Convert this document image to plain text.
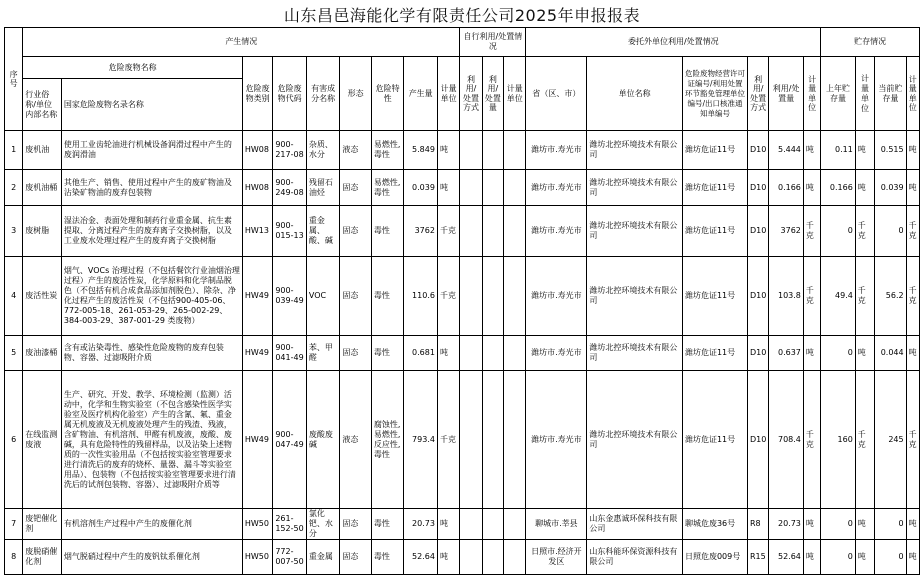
山东昌邑海能化学有限责任公司2025年申报报表
序号	产生情况									自行利用/处置情况			委托外单位利用/处置情况						贮存情况			
	危险废物名称		危险废物类别	危险废物代码	有害成分名称	形态	危险特性	产生量	计量单位	利用/处置方式	利用/处置量	计量单位	省（区、市）	单位名称	危险废物经营许可证编号/利用处置环节豁免管理单位编号/出口核准通知单编号	利用/处置方式	利用/处置量	计量单位	上年贮存量	计量单位	当前贮存量	计量单位
	行业俗称/单位内部名称	国家危险废物名录名称																				
1	废机油	使用工业齿轮油进行机械设备润滑过程中产生的废润滑油	HW08	900-217-08	杂质、水分	液态	易燃性,毒性	5.849	吨				潍坊市.寿光市	潍坊北控环境技术有限公司	潍坊危证11号	D10	5.444	吨	0.11	吨	0.515	吨
2	废机油桶	其他生产、销售、使用过程中产生的废矿物油及沾染矿物油的废弃包装物	HW08	900-249-08	残留石油烃	固态	易燃性,毒性	0.039	吨				潍坊市.寿光市	潍坊北控环境技术有限公司	潍坊危证11号	D10	0.166	吨	0.166	吨	0.039	吨
3	废树脂	湿法冶金、表面处理和制药行业重金属、抗生素提取、分离过程产生的废弃离子交换树脂，以及工业废水处理过程产生的废弃离子交换树脂	HW13	900-015-13	重金属、酸、碱	固态	毒性	3762	千克				潍坊市.寿光市	潍坊北控环境技术有限公司	潍坊危证11号	D10	3762	千克	0	千克	0	千克
4	废活性炭	烟气、VOCs 治理过程（不包括餐饮行业油烟治理过程）产生的废活性炭，化学原料和化学制品脱色（不包括有机合成食品添加剂脱色）、除杂、净化过程产生的废活性炭（不包括900-405-06、772-005-18、261-053-29、265-002-29、384-003-29、387-001-29 类废物）	HW49	900-039-49	VOC	固态	毒性	110.6	千克				潍坊市.寿光市	潍坊北控环境技术有限公司	潍坊危证11号	D10	103.8	千克	49.4	千克	56.2	千克
5	废油漆桶	含有或沾染毒性、感染性危险废物的废弃包装物、容器、过滤吸附介质	HW49	900-041-49	苯、甲醛	固态	毒性	0.681	吨				潍坊市.寿光市	潍坊北控环境技术有限公司	潍坊危证11号	D10	0.637	吨	0	吨	0.044	吨
6	在线监测废液	生产、研究、开发、教学、环境检测（监测）活动中，化学和生物实验室（不包含感染性医学实验室及医疗机构化验室）产生的含氰、氟、重金属无机废液及无机废液处理产生的残渣、残液，含矿物油、有机溶剂、甲醛有机废液，废酸、废碱，具有危险特性的残留样品，以及沾染上述物质的一次性实验用品（不包括按实验室管理要求进行清洗后的废弃的烧杯、量器、漏斗等实验室用品）、包装物（不包括按实验室管理要求进行清洗后的试剂包装物、容器）、过滤吸附介质等	HW49	900-047-49	废酸废碱	液态	腐蚀性,易燃性,反应性,毒性	793.4	千克				潍坊市.寿光市	潍坊北控环境技术有限公司	潍坊危证11号	D10	708.4	千克	160	千克	245	千克
7	废钯催化剂	有机溶剂生产过程中产生的废催化剂	HW50	261-152-50	氯化钯、水分	固态	毒性	20.73	吨				聊城市.莘县	山东金惠诚环保科技有限公司	聊城危废36号	R8	20.73	吨	0	吨	0	吨
8	废脱硝催化剂	烟气脱硝过程中产生的废钒钛系催化剂	HW50	772-007-50	重金属	固态	毒性	52.64	吨				日照市.经济开发区	山东科能环保资源科技有限公司	日照危废009号	R15	52.64	吨	0	吨	0	吨
